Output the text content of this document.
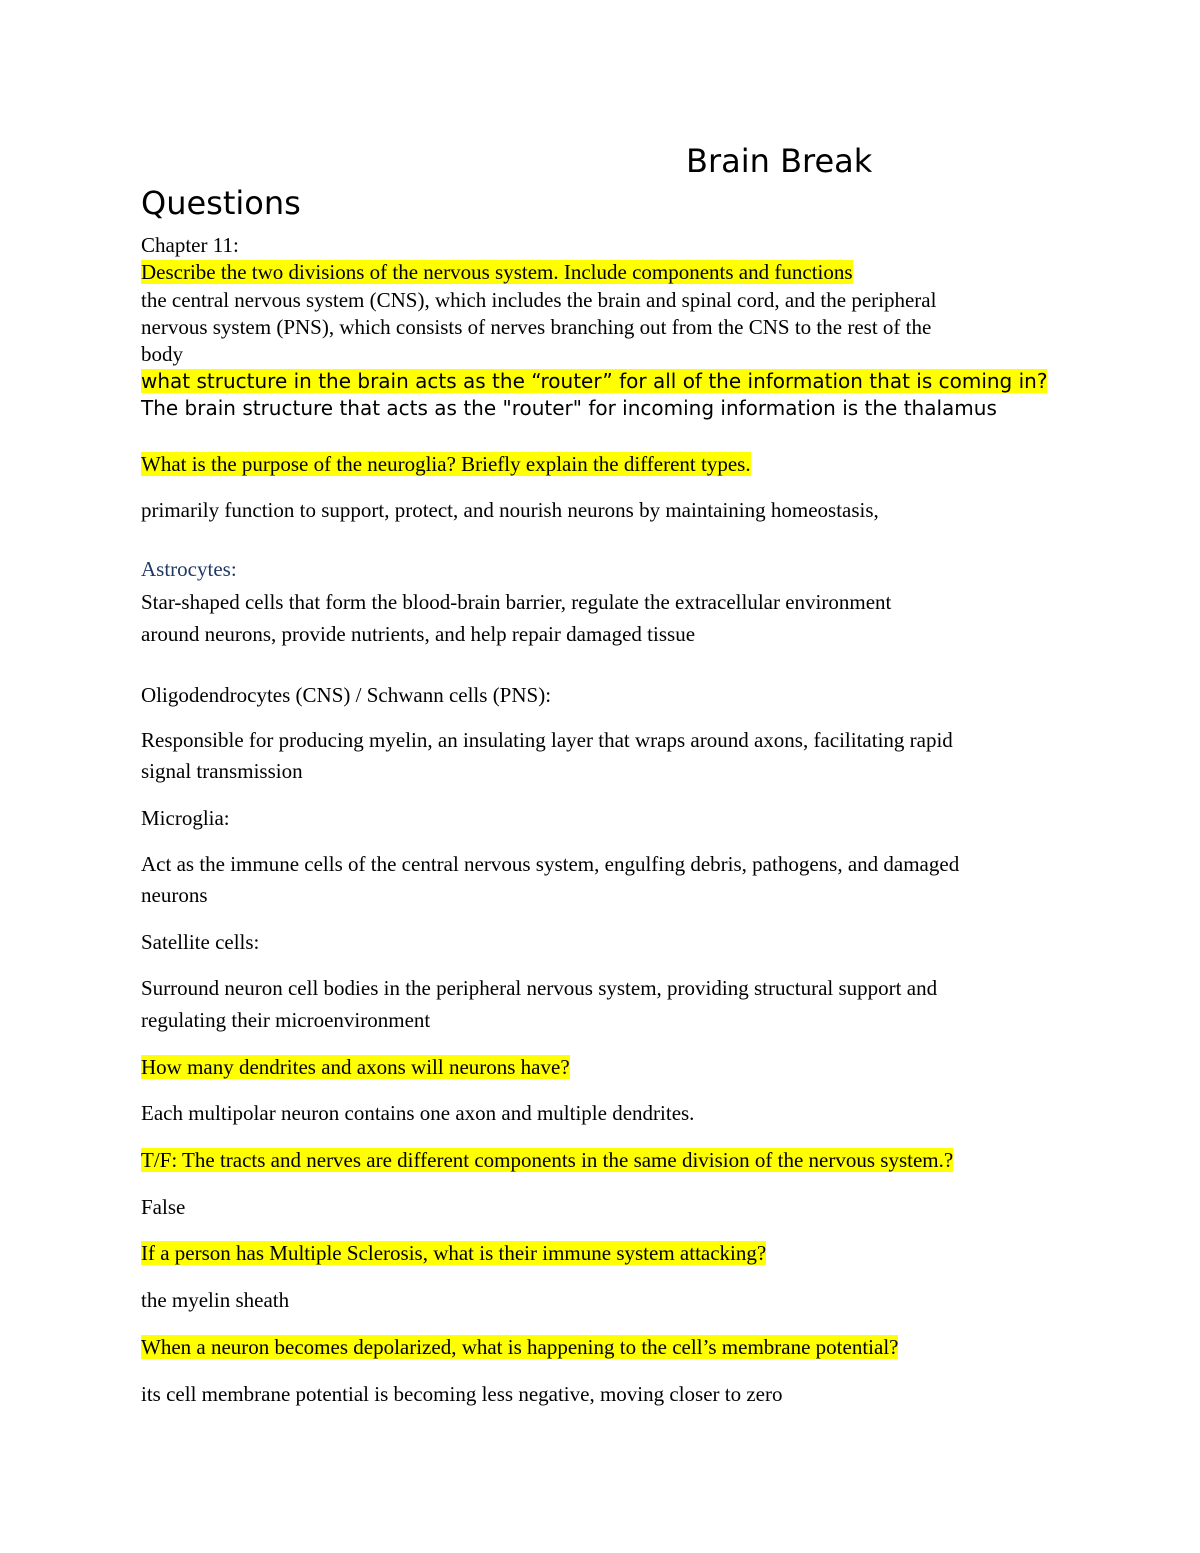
Brain Break
Questions

Chapter 11:

Describe the two divisions of the nervous system. Include components and functions

the central nervous system (CNS), which includes the brain and spinal cord, and the peripheral

nervous system (PNS), which consists of nerves branching out from the CNS to the rest of the

body

what structure in the brain acts as the “router” for all of the information that is coming in?

The brain structure that acts as the "router" for incoming information is the thalamus

What is the purpose of the neuroglia? Briefly explain the different types.

primarily function to support, protect, and nourish neurons by maintaining homeostasis,

Astrocytes:

Star-shaped cells that form the blood-brain barrier, regulate the extracellular environment

around neurons, provide nutrients, and help repair damaged tissue

Oligodendrocytes (CNS) / Schwann cells (PNS):

Responsible for producing myelin, an insulating layer that wraps around axons, facilitating rapid

signal transmission

Microglia:

Act as the immune cells of the central nervous system, engulfing debris, pathogens, and damaged

neurons

Satellite cells:

Surround neuron cell bodies in the peripheral nervous system, providing structural support and

regulating their microenvironment

How many dendrites and axons will neurons have?

Each multipolar neuron contains one axon and multiple dendrites.

T/F: The tracts and nerves are different components in the same division of the nervous system.?

False

If a person has Multiple Sclerosis, what is their immune system attacking?

the myelin sheath

When a neuron becomes depolarized, what is happening to the cell’s membrane potential?

its cell membrane potential is becoming less negative, moving closer to zero
